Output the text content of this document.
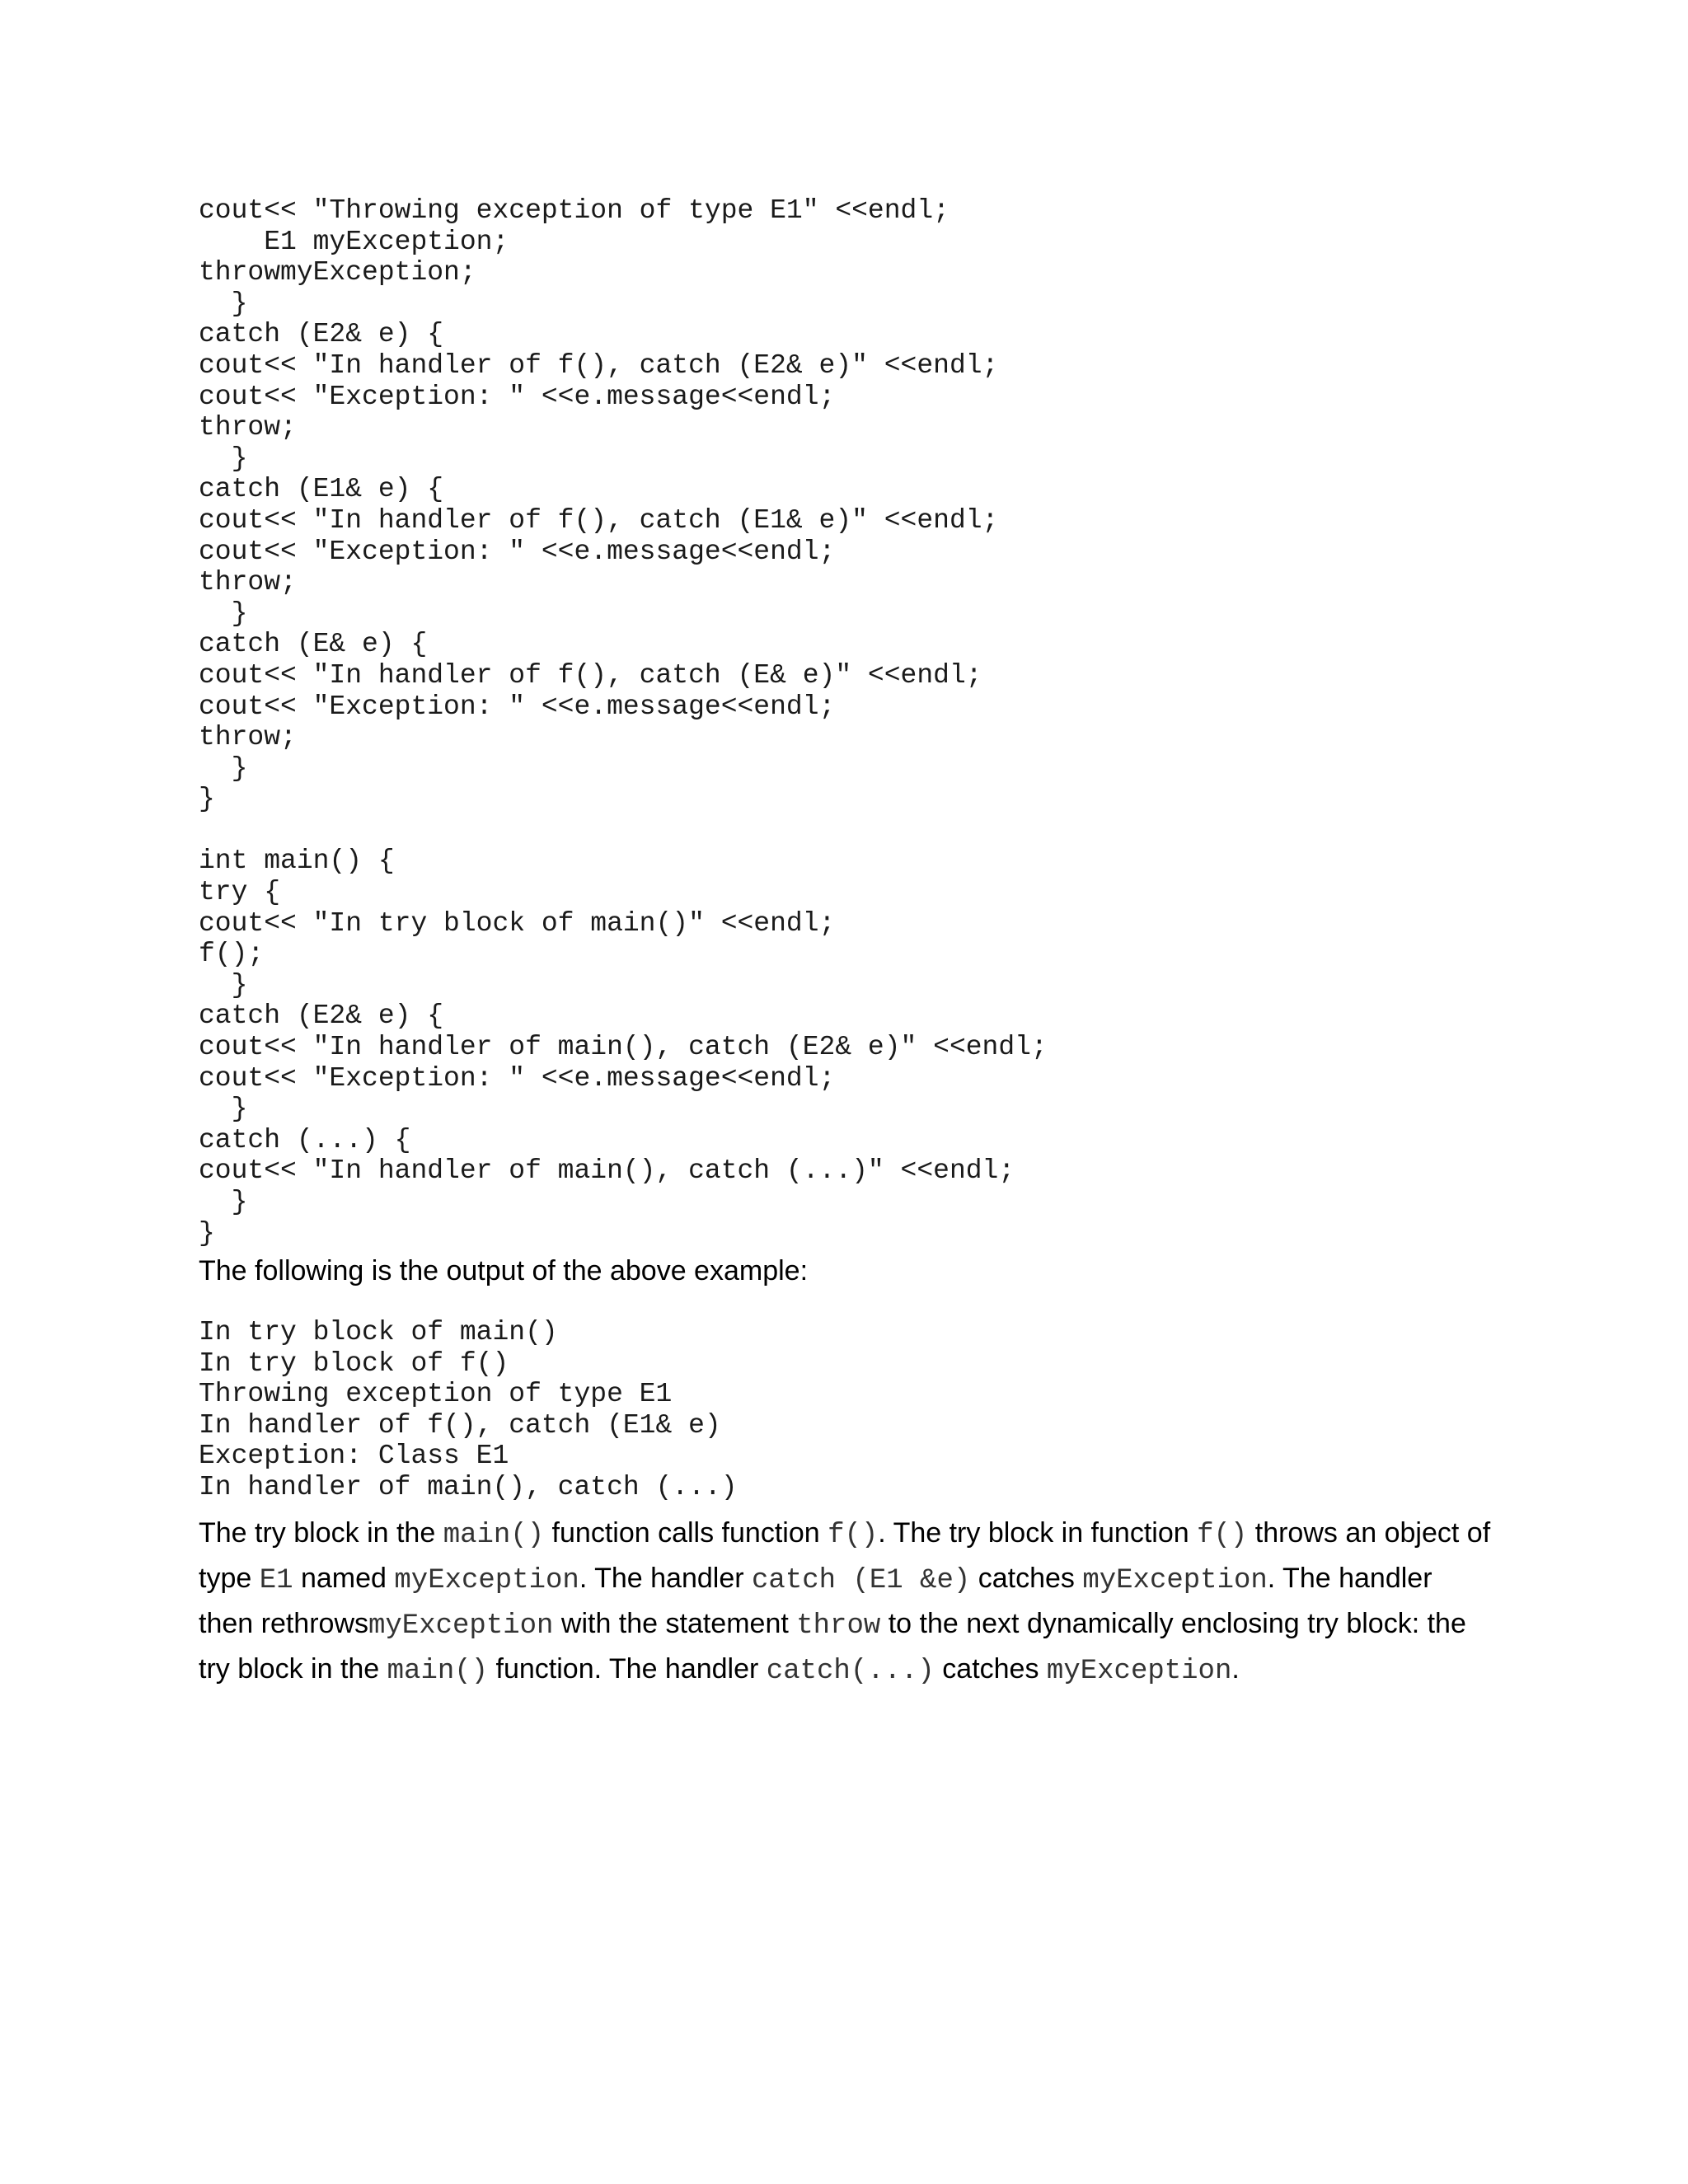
cout<< "Throwing exception of type E1" <<endl;
E1 myException;
throwmyException;
}
catch (E2& e) {
cout<< "In handler of f(), catch (E2& e)" <<endl;
cout<< "Exception: " <<e.message<<endl;
throw;
}
catch (E1& e) {
cout<< "In handler of f(), catch (E1& e)" <<endl;
cout<< "Exception: " <<e.message<<endl;
throw;
}
catch (E& e) {
cout<< "In handler of f(), catch (E& e)" <<endl;
cout<< "Exception: " <<e.message<<endl;
throw;
}
}
int main() {
try {
cout<< "In try block of main()" <<endl;
f();
}
catch (E2& e) {
cout<< "In handler of main(), catch (E2& e)" <<endl;
cout<< "Exception: " <<e.message<<endl;
}
catch (...) {
cout<< "In handler of main(), catch (...)" <<endl;
}
}

The following is the output of the above example:

In try block of main()
In try block of f()
Throwing exception of type E1
In handler of f(), catch (E1& e)
Exception: Class E1
In handler of main(), catch (...)

The try block in the main() function calls function f(). The try block in function f() throws an object of type E1 named myException. The handler catch (E1 &e) catches myException. The handler then rethrowsmyException with the statement throw to the next dynamically enclosing try block: the try block in the main() function. The handler catch(...) catches myException.
